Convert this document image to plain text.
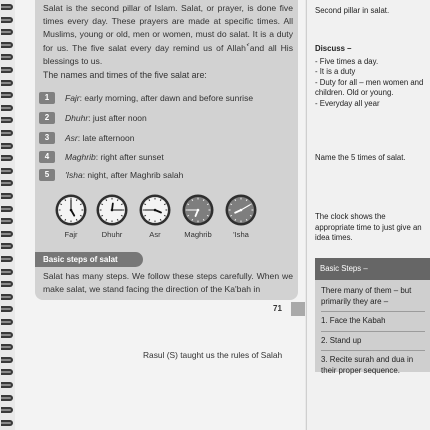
Salat is the second pillar of Islam. Salat, or prayer, is done five times every day. These prayers are made at specific times. All Muslims, young or old, men or women, must do salat. It is a duty for us. The five salat every day remind us of Allahٗ and all His blessings to us.

The names and times of the five salat are:

1	Fajr: early morning, after dawn and before sunrise
2	Dhuhr: just after noon
3	Asr: late afternoon
4	Maghrib: right after sunset
5	'Isha: night, after Maghrib salah
Fajr	Dhuhr	Asr	Maghrib	'Isha
Basic steps of salat

Salat has many steps. We follow these steps carefully. When we make salat, we stand facing the direction of the Ka'bah in

71

Rasul (S) taught us the rules of Salah

Second pillar in salat.

Discuss –
- Five times a day.
- It is a duty
- Duty for all – men women and children. Old or young.
- Everyday all year

Name the 5 times of salat.

The clock shows the appropriate time to just give an idea times.

Basic Steps –

There many of them – but primarily they are –

1. Face the Kabah

2. Stand up

3. Recite surah and dua in their proper sequence.
